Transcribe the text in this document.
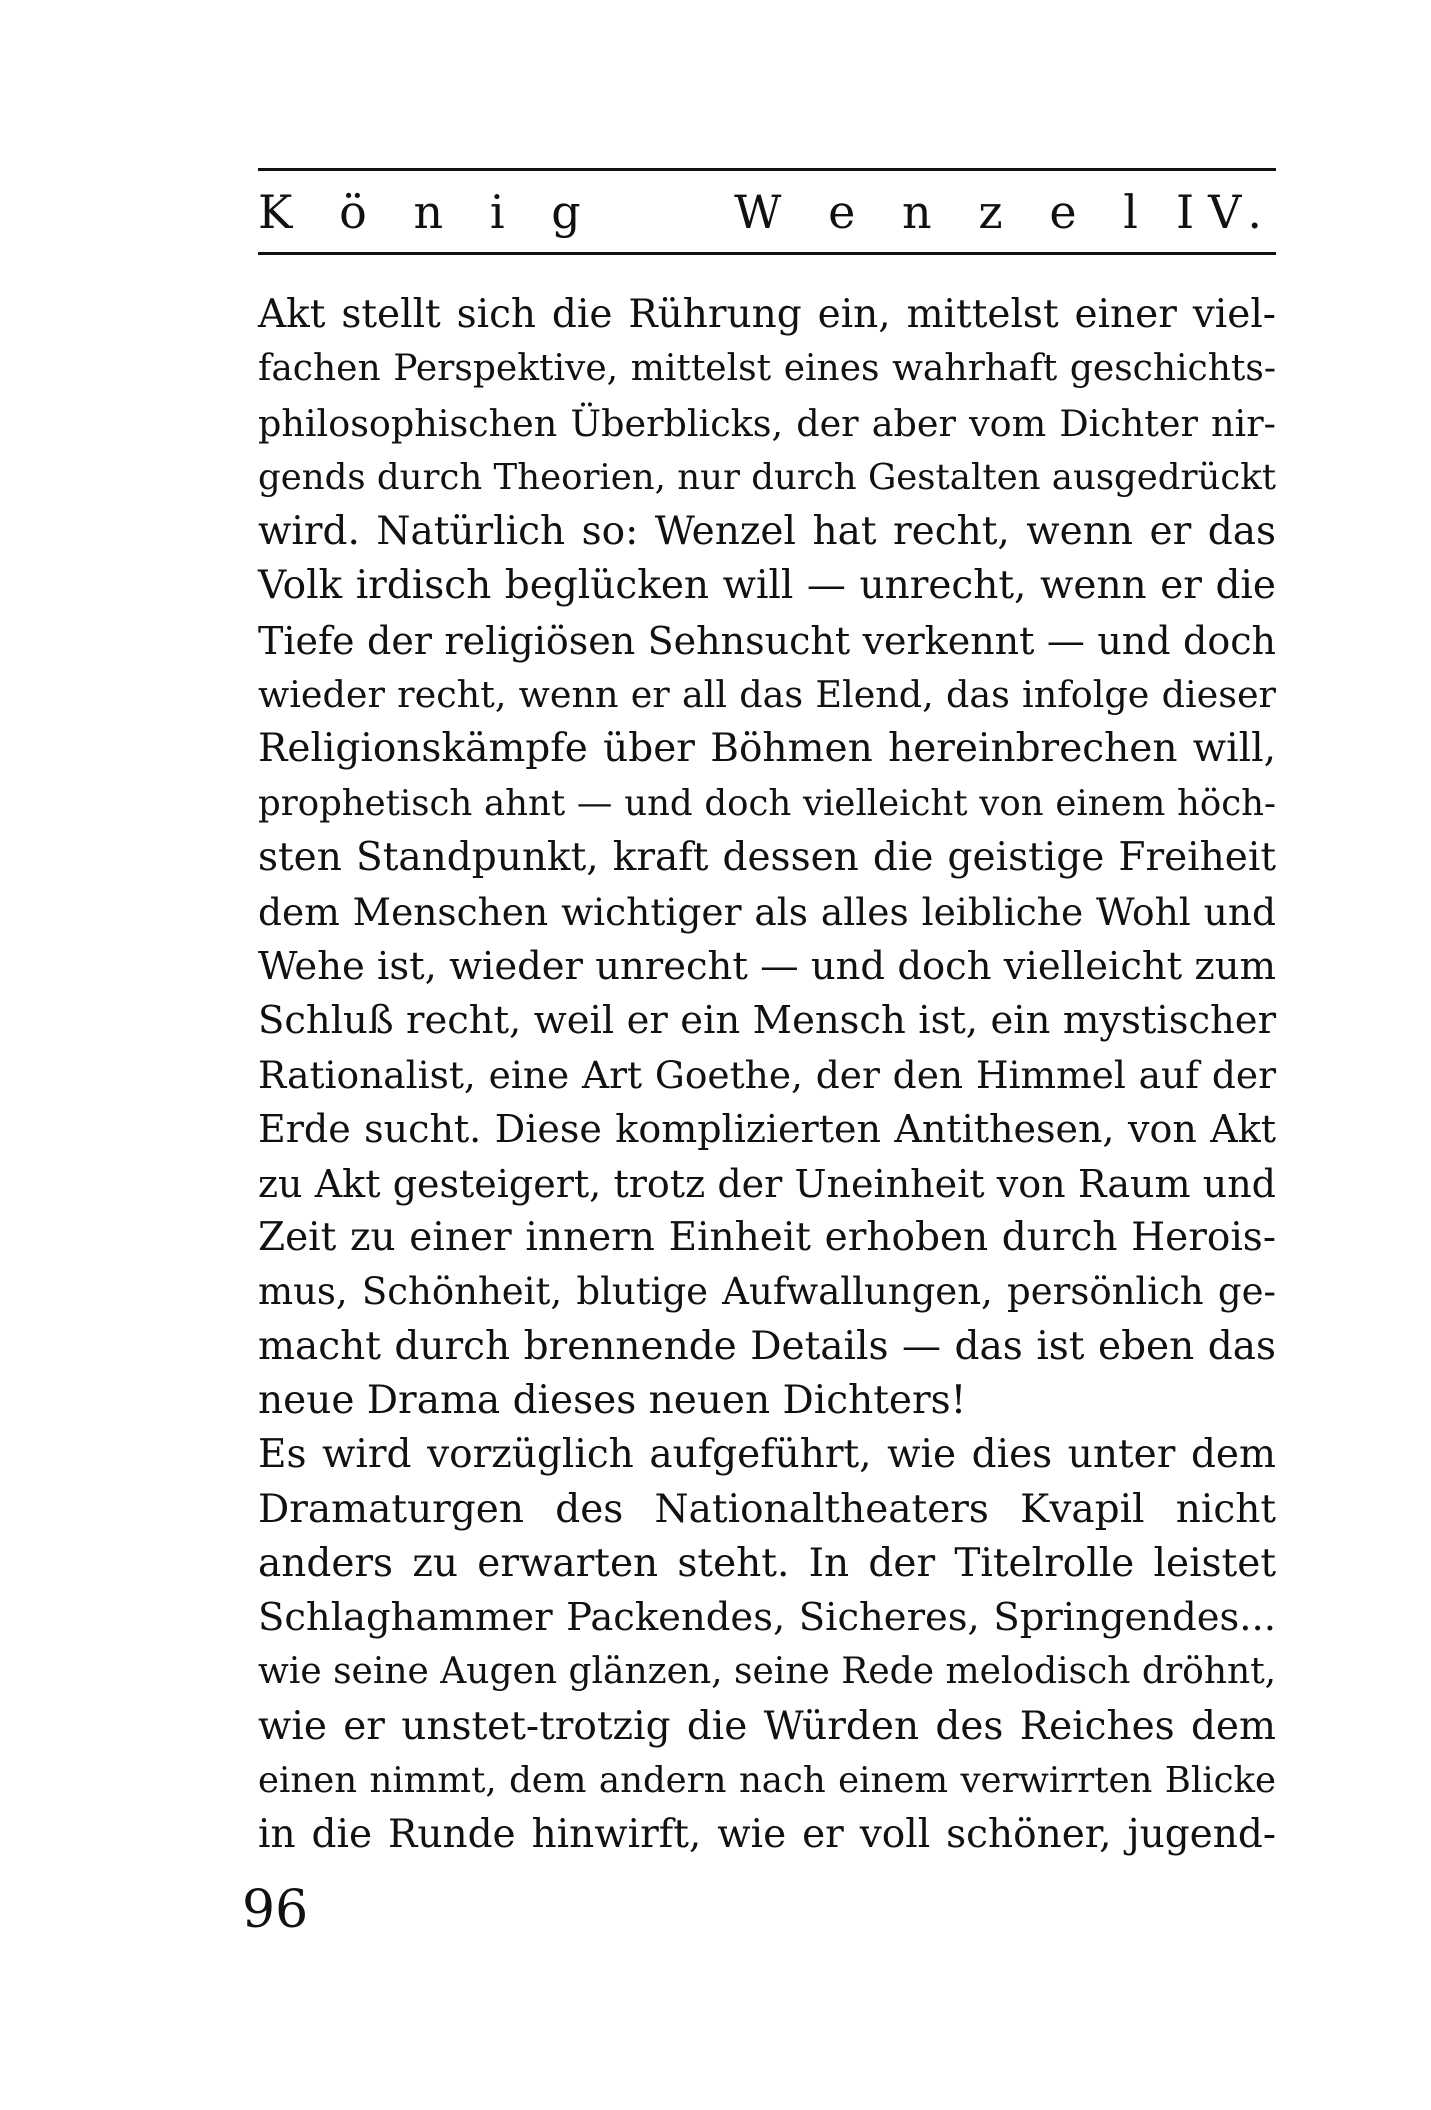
K ö n i g	W e n z e l IV.
Akt stellt sich die Rührung ein, mittelst einer viel-
fachen Perspektive, mittelst eines wahrhaft geschichts-
philosophischen Überblicks, der aber vom Dichter nir-
gends durch Theorien, nur durch Gestalten ausgedrückt
wird. Natürlich so: Wenzel hat recht, wenn er das
Volk irdisch beglücken will — unrecht, wenn er die
Tiefe der religiösen Sehnsucht verkennt — und doch
wieder recht, wenn er all das Elend, das infolge dieser
Religionskämpfe über Böhmen hereinbrechen will,
prophetisch ahnt — und doch vielleicht von einem höch-
sten Standpunkt, kraft dessen die geistige Freiheit
dem Menschen wichtiger als alles leibliche Wohl und
Wehe ist, wieder unrecht — und doch vielleicht zum
Schluß recht, weil er ein Mensch ist, ein mystischer
Rationalist, eine Art Goethe, der den Himmel auf der
Erde sucht. Diese komplizierten Antithesen, von Akt
zu Akt gesteigert, trotz der Uneinheit von Raum und
Zeit zu einer innern Einheit erhoben durch Herois-
mus, Schönheit, blutige Aufwallungen, persönlich ge-
macht durch brennende Details — das ist eben das
neue Drama dieses neuen Dichters!
Es wird vorzüglich aufgeführt, wie dies unter dem
Dramaturgen des Nationaltheaters Kvapil nicht
anders zu erwarten steht. In der Titelrolle leistet
Schlaghammer Packendes, Sicheres, Springendes...
wie seine Augen glänzen, seine Rede melodisch dröhnt,
wie er unstet-trotzig die Würden des Reiches dem
einen nimmt, dem andern nach einem verwirrten Blicke
in die Runde hinwirft, wie er voll schöner, jugend-
96
